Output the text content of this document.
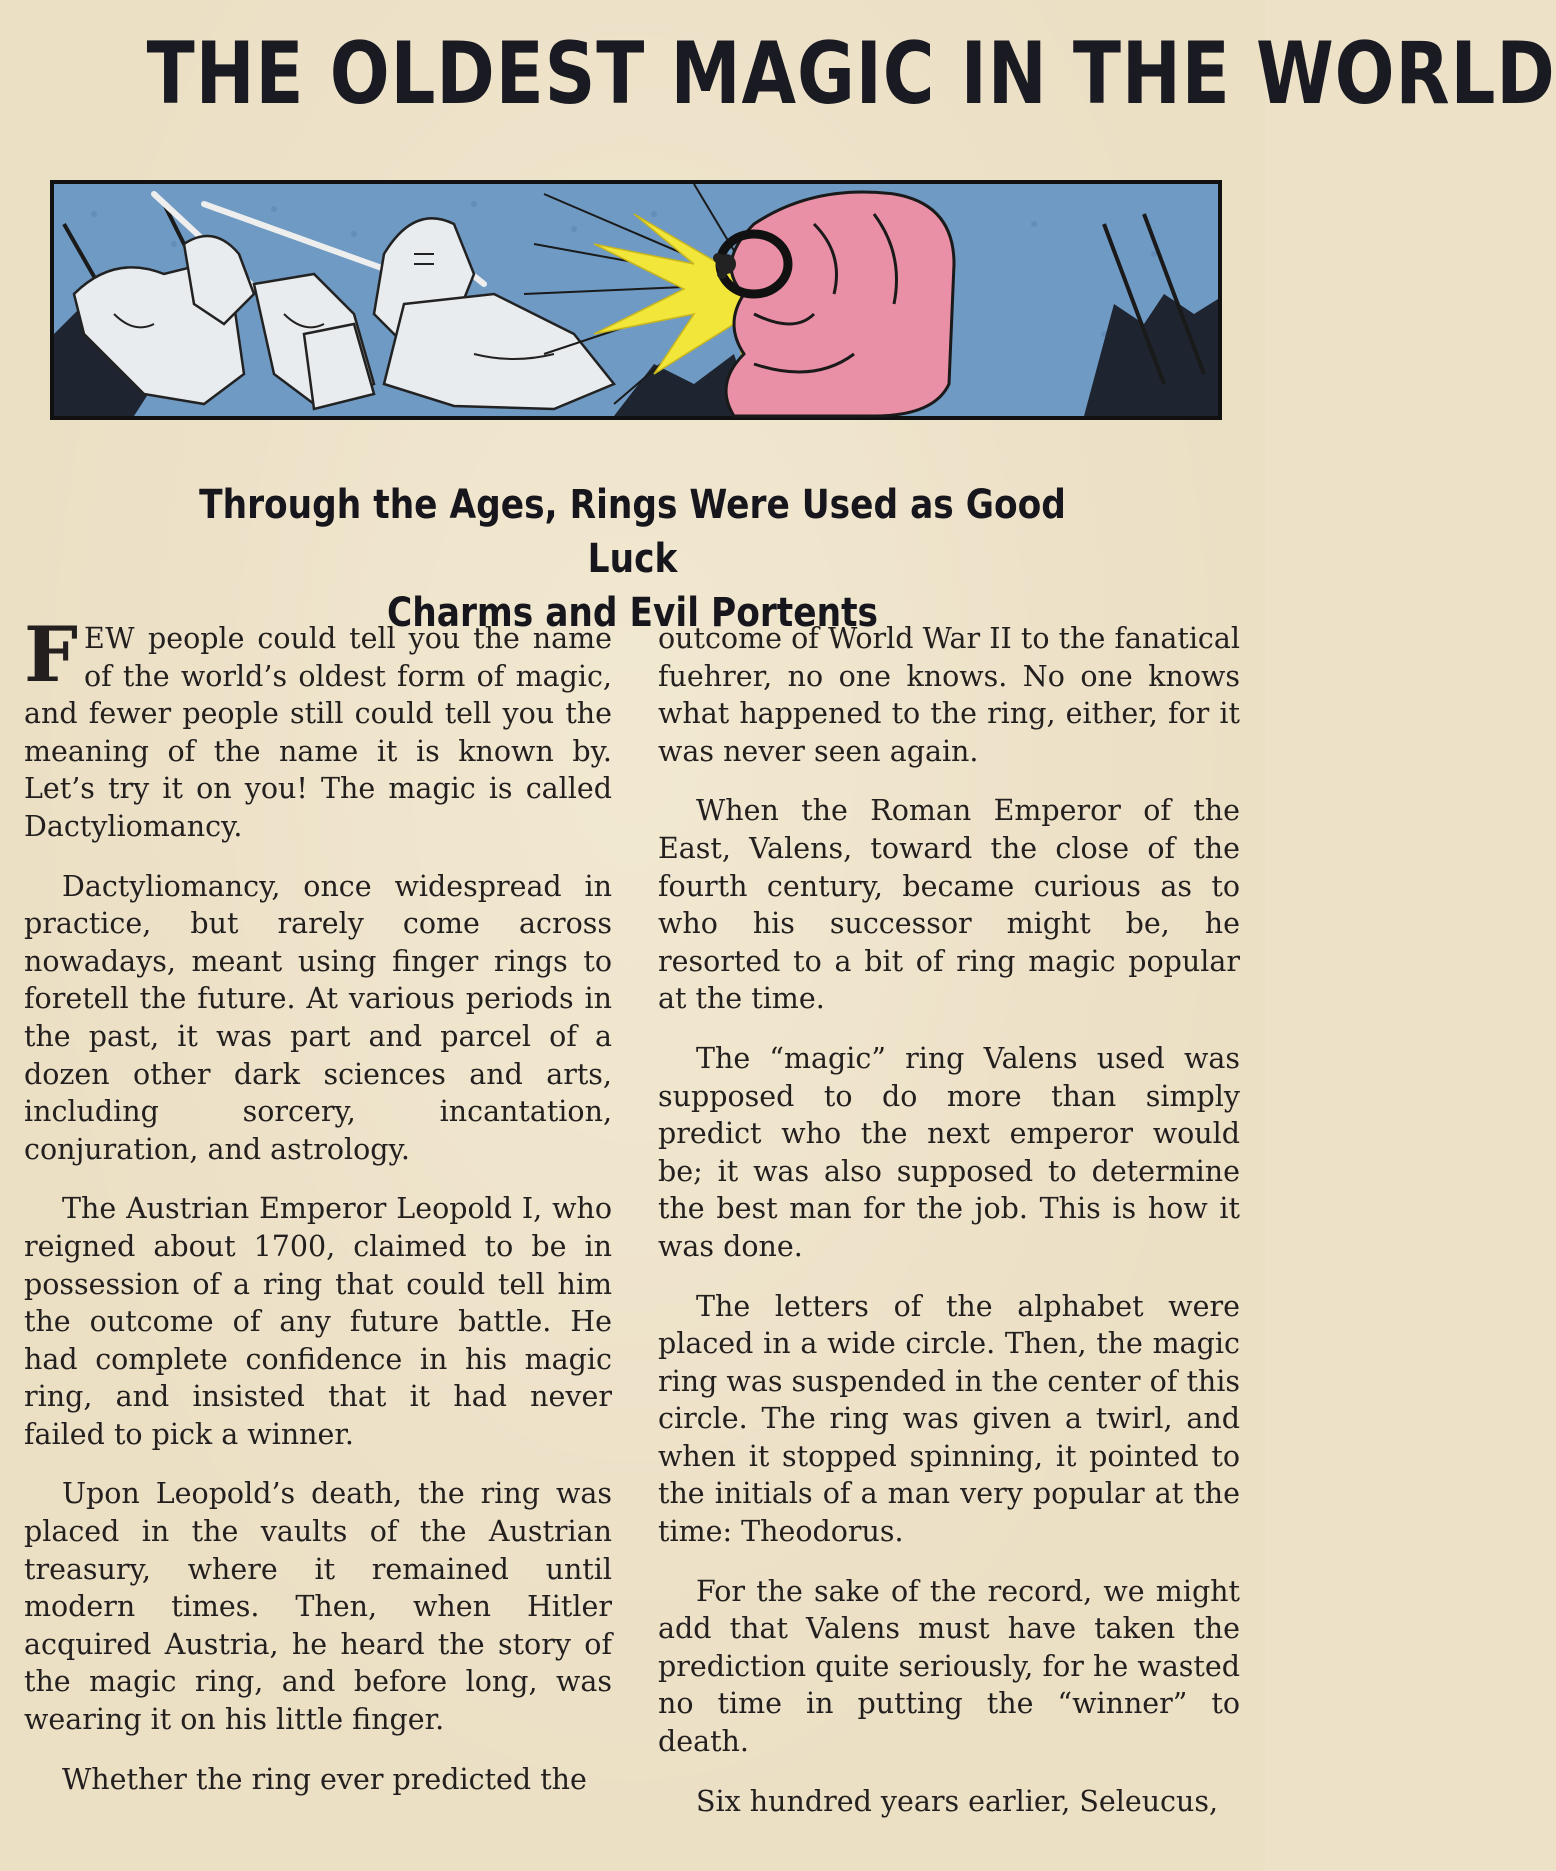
THE OLDEST MAGIC IN THE WORLD
Through the Ages, Rings Were Used as Good Luck
Charms and Evil Portents

FEW people could tell you the name of the world’s oldest form of magic, and fewer people still could tell you the meaning of the name it is known by. Let’s try it on you! The magic is called Dactyliomancy.

Dactyliomancy, once widespread in practice, but rarely come across nowadays, meant using finger rings to foretell the future. At various periods in the past, it was part and parcel of a dozen other dark sciences and arts, including sorcery, incantation, conjuration, and astrology.

The Austrian Emperor Leopold I, who reigned about 1700, claimed to be in possession of a ring that could tell him the outcome of any future battle. He had complete confidence in his magic ring, and insisted that it had never failed to pick a winner.

Upon Leopold’s death, the ring was placed in the vaults of the Austrian treasury, where it remained until modern times. Then, when Hitler acquired Austria, he heard the story of the magic ring, and before long, was wearing it on his little finger.

Whether the ring ever predicted the

outcome of World War II to the fanatical fuehrer, no one knows. No one knows what happened to the ring, either, for it was never seen again.

When the Roman Emperor of the East, Valens, toward the close of the fourth century, became curious as to who his successor might be, he resorted to a bit of ring magic popular at the time.

The “magic” ring Valens used was supposed to do more than simply predict who the next emperor would be; it was also supposed to determine the best man for the job. This is how it was done.

The letters of the alphabet were placed in a wide circle. Then, the magic ring was suspended in the center of this circle. The ring was given a twirl, and when it stopped spinning, it pointed to the initials of a man very popular at the time: Theodorus.

For the sake of the record, we might add that Valens must have taken the prediction quite seriously, for he wasted no time in putting the “winner” to death.

Six hundred years earlier, Seleucus,
